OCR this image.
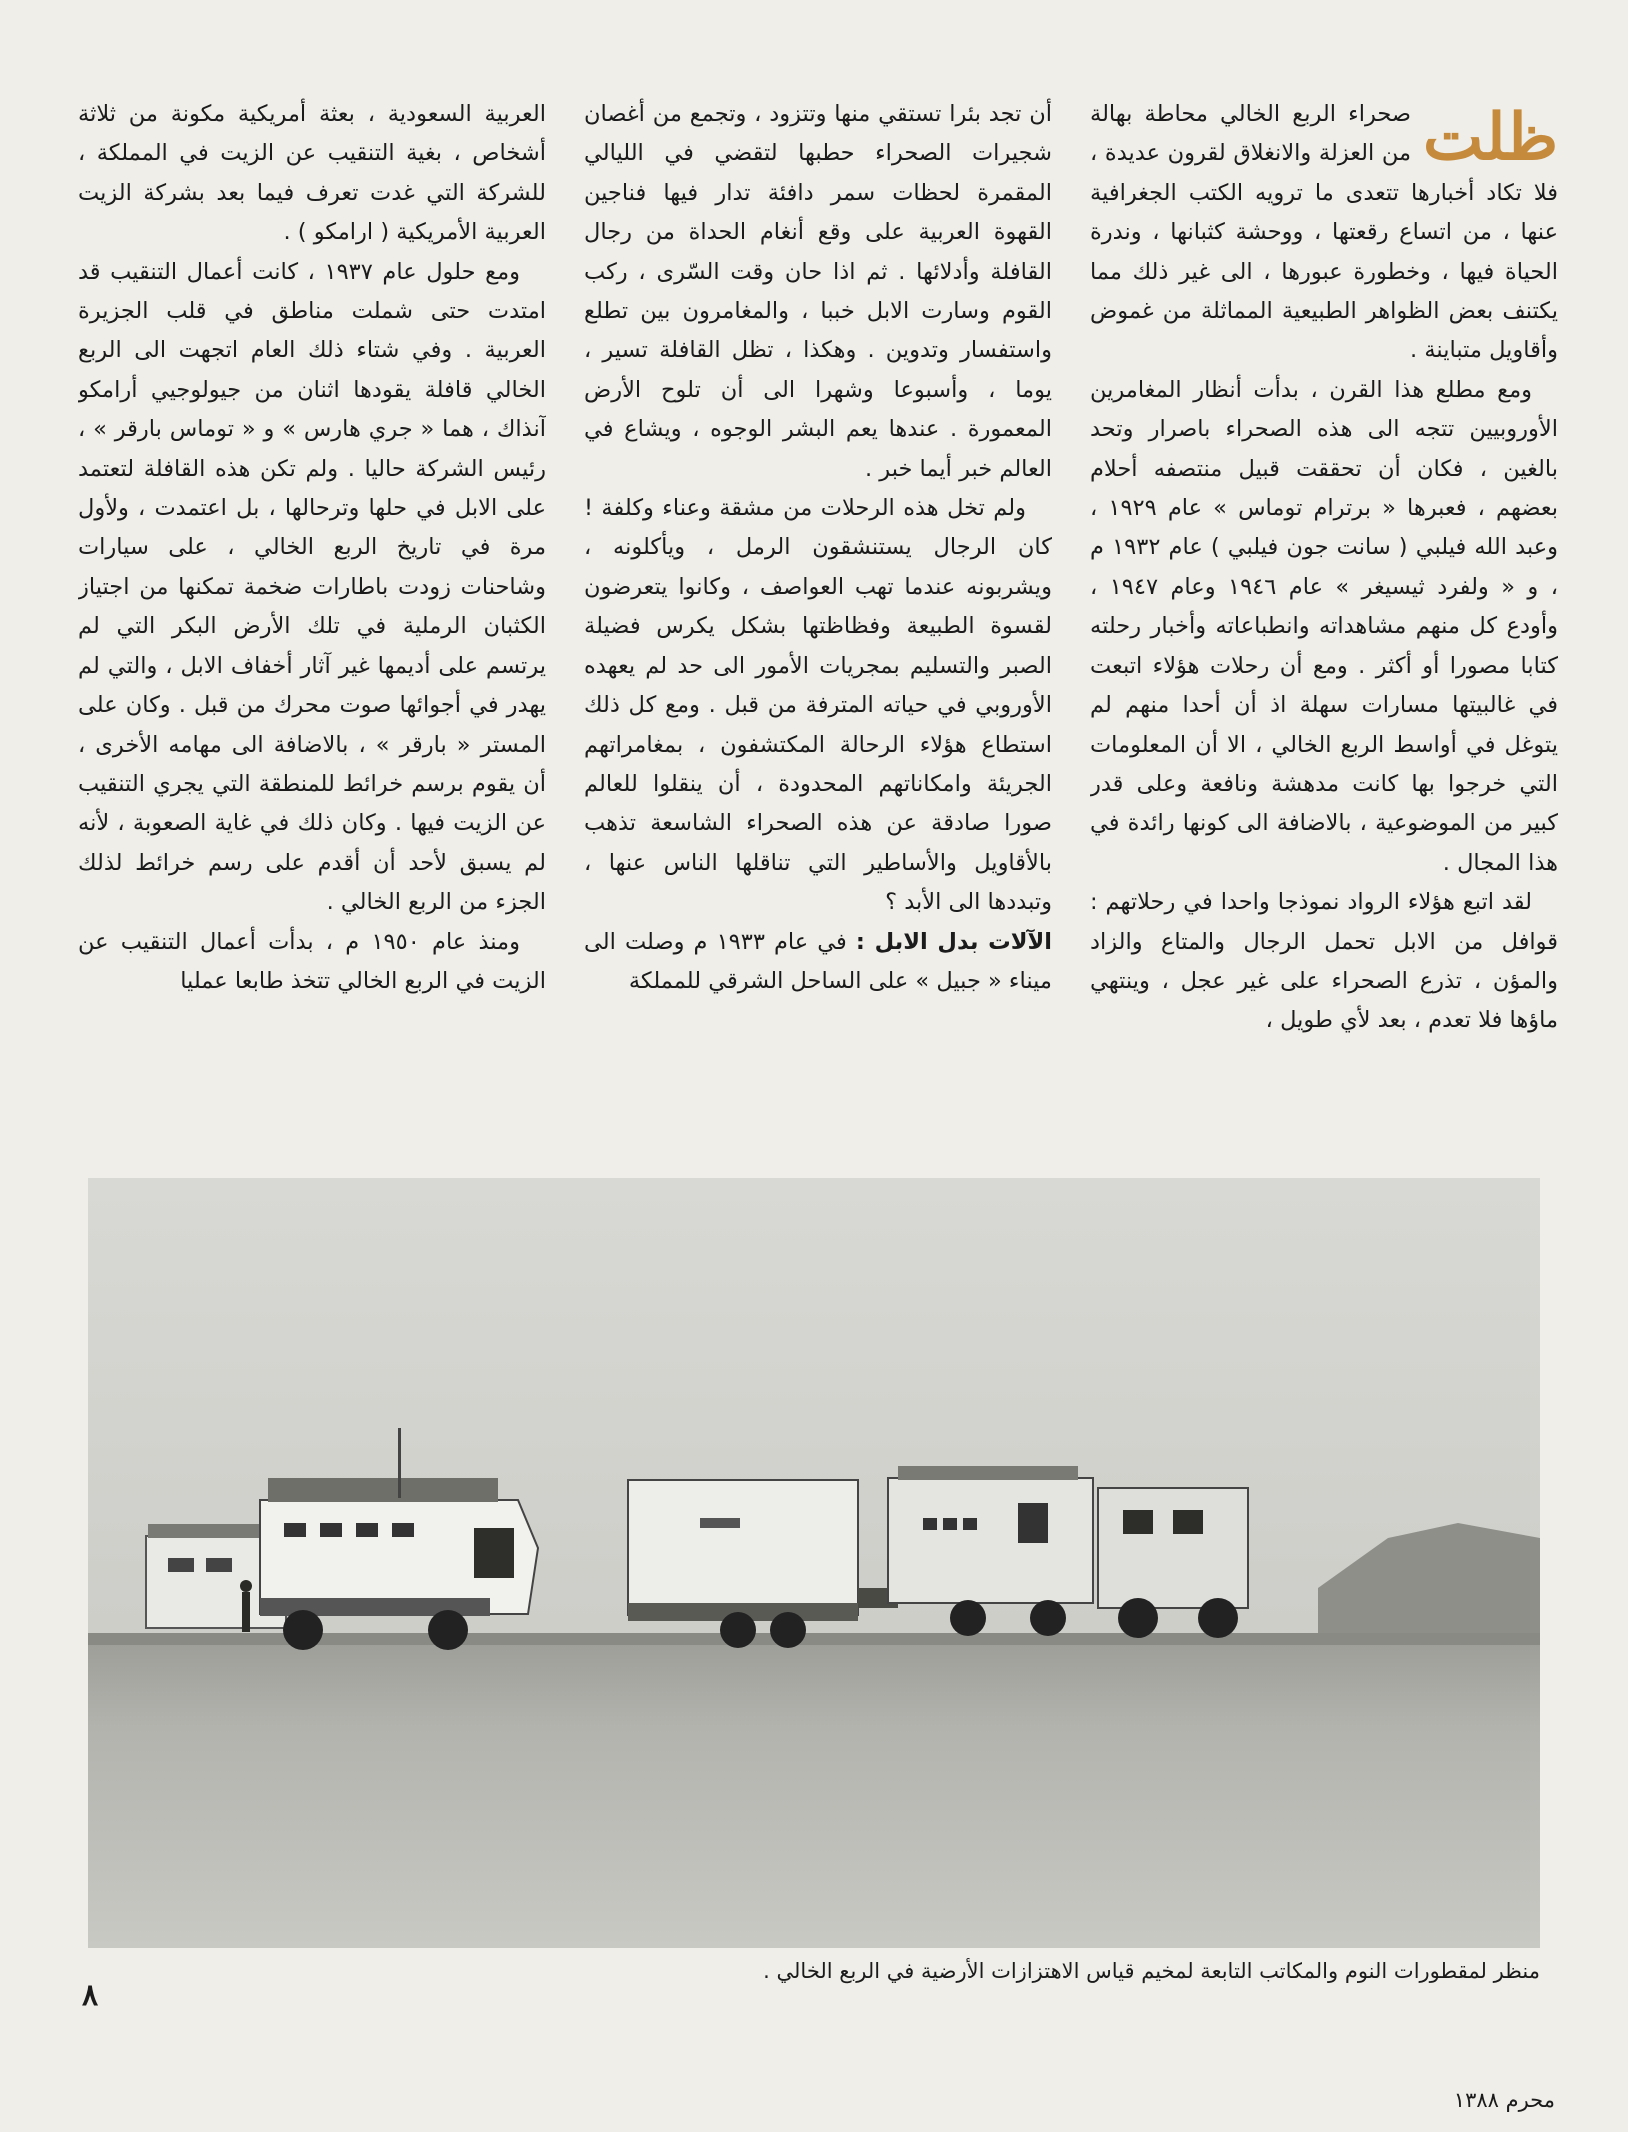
ظلت

صحراء الربع الخالي محاطة بهالة من العزلة والانغلاق لقرون عديدة ، فلا تكاد أخبارها تتعدى ما ترويه الكتب الجغرافية عنها ، من اتساع رقعتها ، ووحشة كثبانها ، وندرة الحياة فيها ، وخطورة عبورها ، الى غير ذلك مما يكتنف بعض الظواهر الطبيعية المماثلة من غموض وأقاويل متباينة .

ومع مطلع هذا القرن ، بدأت أنظار المغامرين الأوروبيين تتجه الى هذه الصحراء باصرار وتحد بالغين ، فكان أن تحققت قبيل منتصفه أحلام بعضهم ، فعبرها « برترام توماس » عام ١٩٢٩ ، وعبد الله فيلبي ( سانت جون فيلبي ) عام ١٩٣٢ م ، و « ولفرد ثيسيغر » عام ١٩٤٦ وعام ١٩٤٧ ، وأودع كل منهم مشاهداته وانطباعاته وأخبار رحلته كتابا مصورا أو أكثر . ومع أن رحلات هؤلاء اتبعت في غالبيتها مسارات سهلة اذ أن أحدا منهم لم يتوغل في أواسط الربع الخالي ، الا أن المعلومات التي خرجوا بها كانت مدهشة ونافعة وعلى قدر كبير من الموضوعية ، بالاضافة الى كونها رائدة في هذا المجال .

لقد اتبع هؤلاء الرواد نموذجا واحدا في رحلاتهم : قوافل من الابل تحمل الرجال والمتاع والزاد والمؤن ، تذرع الصحراء على غير عجل ، وينتهي ماؤها فلا تعدم ، بعد لأي طويل ،

أن تجد بئرا تستقي منها وتتزود ، وتجمع من أغصان شجيرات الصحراء حطبها لتقضي في الليالي المقمرة لحظات سمر دافئة تدار فيها فناجين القهوة العربية على وقع أنغام الحداة من رجال القافلة وأدلائها . ثم اذا حان وقت السّرى ، ركب القوم وسارت الابل خببا ، والمغامرون بين تطلع واستفسار وتدوين . وهكذا ، تظل القافلة تسير ، يوما ، وأسبوعا وشهرا الى أن تلوح الأرض المعمورة . عندها يعم البشر الوجوه ، ويشاع في العالم خبر أيما خبر .

ولم تخل هذه الرحلات من مشقة وعناء وكلفة ! كان الرجال يستنشقون الرمل ، ويأكلونه ، ويشربونه عندما تهب العواصف ، وكانوا يتعرضون لقسوة الطبيعة وفظاظتها بشكل يكرس فضيلة الصبر والتسليم بمجريات الأمور الى حد لم يعهده الأوروبي في حياته المترفة من قبل . ومع كل ذلك استطاع هؤلاء الرحالة المكتشفون ، بمغامراتهم الجريئة وامكاناتهم المحدودة ، أن ينقلوا للعالم صورا صادقة عن هذه الصحراء الشاسعة تذهب بالأقاويل والأساطير التي تناقلها الناس عنها ، وتبددها الى الأبد ؟

الآلات بدل الابل : في عام ١٩٣٣ م وصلت الى ميناء « جبيل » على الساحل الشرقي للمملكة

العربية السعودية ، بعثة أمريكية مكونة من ثلاثة أشخاص ، بغية التنقيب عن الزيت في المملكة ، للشركة التي غدت تعرف فيما بعد بشركة الزيت العربية الأمريكية ( ارامكو ) .

ومع حلول عام ١٩٣٧ ، كانت أعمال التنقيب قد امتدت حتى شملت مناطق في قلب الجزيرة العربية . وفي شتاء ذلك العام اتجهت الى الربع الخالي قافلة يقودها اثنان من جيولوجيي أرامكو آنذاك ، هما « جري هارس » و « توماس بارقر » ، رئيس الشركة حاليا . ولم تكن هذه القافلة لتعتمد على الابل في حلها وترحالها ، بل اعتمدت ، ولأول مرة في تاريخ الربع الخالي ، على سيارات وشاحنات زودت باطارات ضخمة تمكنها من اجتياز الكثبان الرملية في تلك الأرض البكر التي لم يرتسم على أديمها غير آثار أخفاف الابل ، والتي لم يهدر في أجوائها صوت محرك من قبل . وكان على المستر « بارقر » ، بالاضافة الى مهامه الأخرى ، أن يقوم برسم خرائط للمنطقة التي يجري التنقيب عن الزيت فيها . وكان ذلك في غاية الصعوبة ، لأنه لم يسبق لأحد أن أقدم على رسم خرائط لذلك الجزء من الربع الخالي .

ومنذ عام ١٩٥٠ م ، بدأت أعمال التنقيب عن الزيت في الربع الخالي تتخذ طابعا عمليا

منظر لمقطورات النوم والمكاتب التابعة لمخيم قياس الاهتزازات الأرضية في الربع الخالي .
٨
محرم ١٣٨٨
